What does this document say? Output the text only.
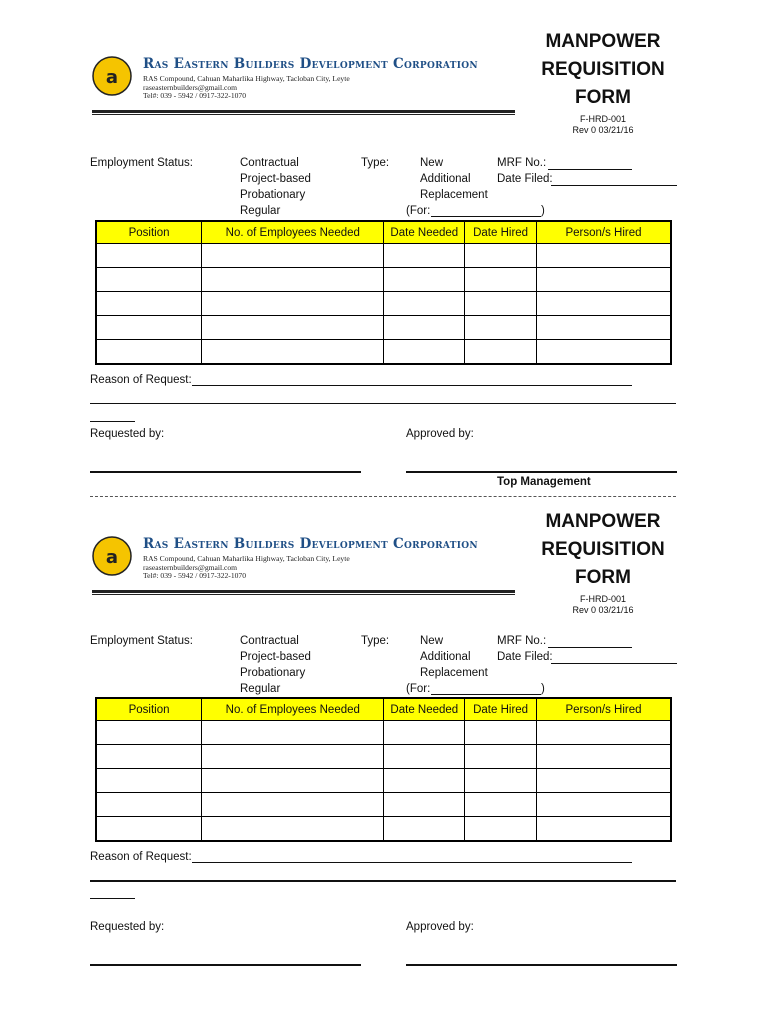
a
Ras Eastern Builders Development Corporation
RAS Compound, Cahuan Maharlika Highway, Tacloban City, Leyte
raseasternbuilders@gmail.com
Tel#: 039 - 5942 / 0917-322-1070
MANPOWER
REQUISITION
FORM
F-HRD-001
Rev 0 03/21/16
Employment Status:	Contractual
Project-based
Probationary
Regular
Type:	New
Additional
Replacement
(For:	)
MRF No.:
Date Filed:
Position	No. of Employees Needed	Date Needed	Date Hired	Person/s Hired

Reason of Request:
Requested by:	Approved by:
Top Management
a
Ras Eastern Builders Development Corporation
RAS Compound, Cahuan Maharlika Highway, Tacloban City, Leyte
raseasternbuilders@gmail.com
Tel#: 039 - 5942 / 0917-322-1070
MANPOWER
REQUISITION
FORM
F-HRD-001
Rev 0 03/21/16
Employment Status:	Contractual
Project-based
Probationary
Regular
Type:	New
Additional
Replacement
(For:	)
MRF No.:
Date Filed:
Position	No. of Employees Needed	Date Needed	Date Hired	Person/s Hired

Reason of Request:
Requested by:	Approved by:
